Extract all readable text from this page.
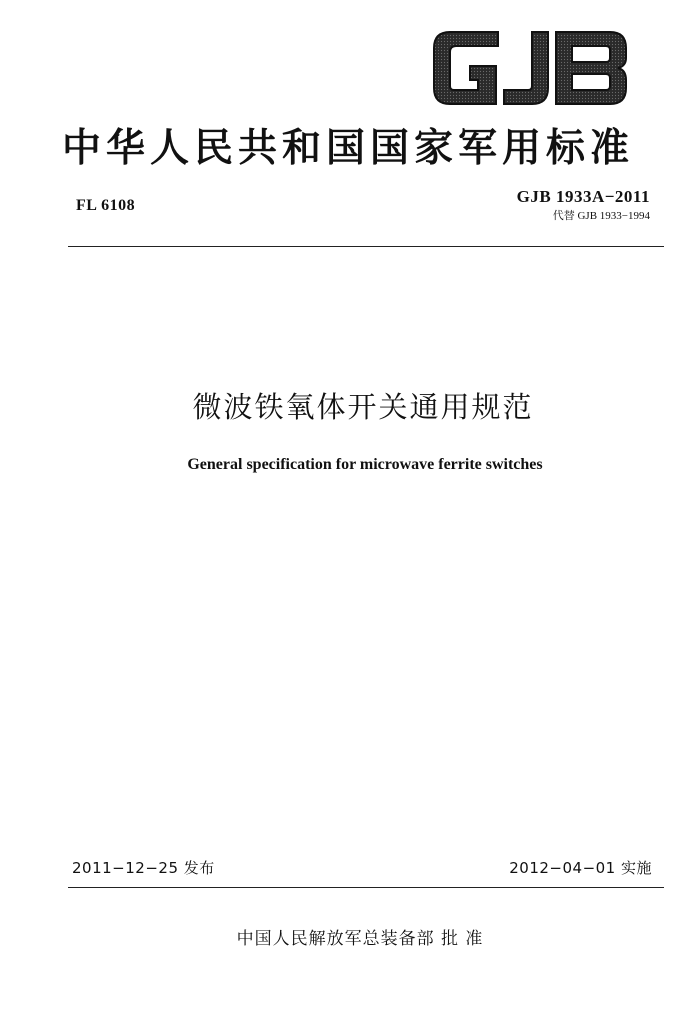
GJB
中华人民共和国国家军用标准
FL 6108	GJB 1933A−2011
代替 GJB 1933−1994
微波铁氧体开关通用规范
General specification for microwave ferrite switches
2011−12−25 发布	2012−04−01 实施
中国人民解放军总装备部 批 准
